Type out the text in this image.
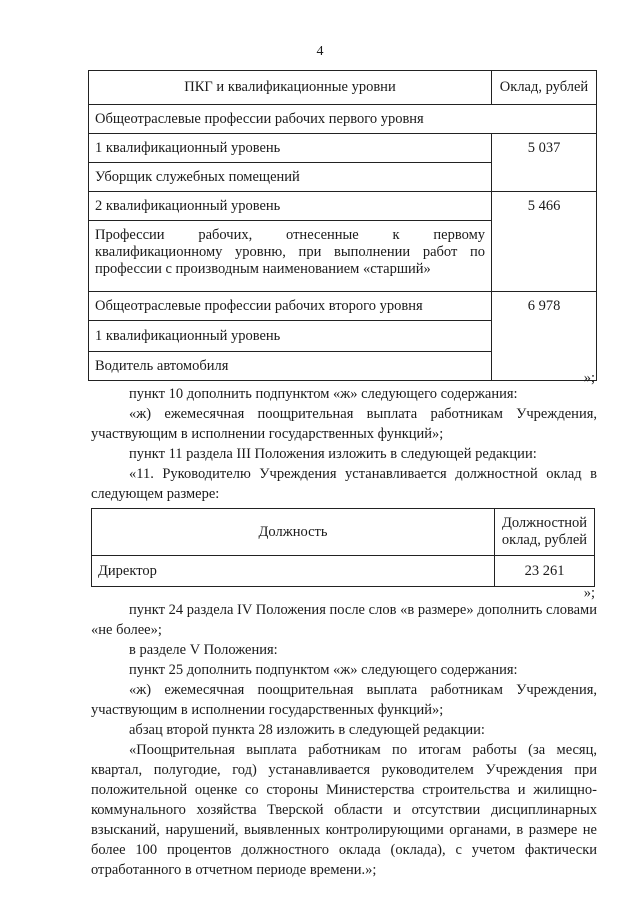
4
ПКГ и квалификационные уровни	Оклад, рублей
Общеотраслевые профессии рабочих первого уровня	
1 квалификационный уровень	5 037
Уборщик служебных помещений	
2 квалификационный уровень	5 466
Профессии рабочих, отнесенные к первому квалификационному уровню, при выполнении работ по профессии с производным наименованием «старший»	
Общеотраслевые профессии рабочих второго уровня	6 978
1 квалификационный уровень	
Водитель автомобиля	
»;

пункт 10 дополнить подпунктом «ж» следующего содержания:

«ж) ежемесячная поощрительная выплата работникам Учреждения, участвующим в исполнении государственных функций»;

пункт 11 раздела III Положения изложить в следующей редакции:

«11. Руководителю Учреждения устанавливается должностной оклад в следующем размере:

Должность	Должностной оклад, рублей
Директор	23 261
»;

пункт 24 раздела IV Положения после слов «в размере» дополнить словами «не более»;

в разделе V Положения:

пункт 25 дополнить подпунктом «ж» следующего содержания:

«ж) ежемесячная поощрительная выплата работникам Учреждения, участвующим в исполнении государственных функций»;

абзац второй пункта 28 изложить в следующей редакции:

«Поощрительная выплата работникам по итогам работы (за месяц, квартал, полугодие, год) устанавливается руководителем Учреждения при положительной оценке со стороны Министерства строительства и жилищно-коммунального хозяйства Тверской области и отсутствии дисциплинарных взысканий, нарушений, выявленных контролирующими органами, в размере не более 100 процентов должностного оклада (оклада), с учетом фактически отработанного в отчетном периоде времени.»;
